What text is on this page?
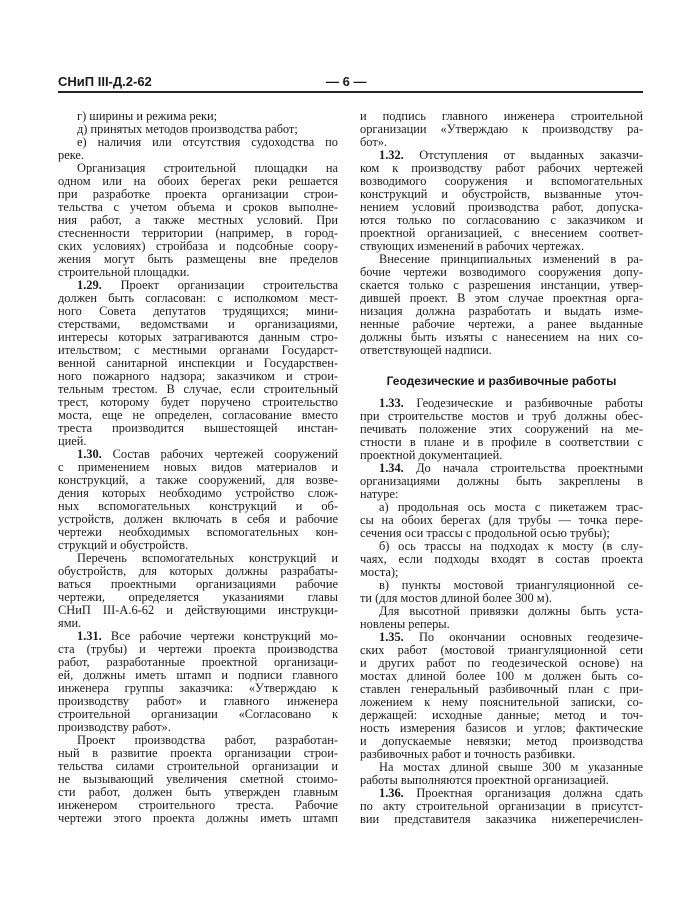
СНиП III-Д.2-62	— 6 —
г) ширины и режима реки;
д) принятых методов производства работ;
е) наличия или отсутствия судоходства по
реке.
Организация строительной площадки на
одном или на обоих берегах реки решается
при разработке проекта организации строи-
тельства с учетом объема и сроков выполне-
ния работ, а также местных условий. При
стесненности территории (например, в город-
ских условиях) стройбаза и подсобные соору-
жения могут быть размещены вне пределов
строительной площадки.
1.29. Проект организации строительства
должен быть согласован: с исполкомом мест-
ного Совета депутатов трудящихся; мини-
стерствами, ведомствами и организациями,
интересы которых затрагиваются данным стро-
ительством; с местными органами Государст-
венной санитарной инспекции и Государствен-
ного пожарного надзора; заказчиком и строи-
тельным трестом. В случае, если строительный
трест, которому будет поручено строительство
моста, еще не определен, согласование вместо
треста производится вышестоящей инстан-
цией.
1.30. Состав рабочих чертежей сооружений
с применением новых видов материалов и
конструкций, а также сооружений, для возве-
дения которых необходимо устройство слож-
ных вспомогательных конструкций и об-
устройств, должен включать в себя и рабочие
чертежи необходимых вспомогательных кон-
струкций и обустройств.
Перечень вспомогательных конструкций и
обустройств, для которых должны разрабаты-
ваться проектными организациями рабочие
чертежи, определяется указаниями главы
СНиП III-А.6-62 и действующими инструкци-
ями.
1.31. Все рабочие чертежи конструкций мо-
ста (трубы) и чертежи проекта производства
работ, разработанные проектной организаци-
ей, должны иметь штамп и подписи главного
инженера группы заказчика: «Утверждаю к
производству работ» и главного инженера
строительной организации «Согласовано к
производству работ».
Проект производства работ, разработан-
ный в развитие проекта организации строи-
тельства силами строительной организации и
не вызывающий увеличения сметной стоимо-
сти работ, должен быть утвержден главным
инженером строительного треста. Рабочие
чертежи этого проекта должны иметь штамп
и подпись главного инженера строительной
организации «Утверждаю к производству ра-
бот».
1.32. Отступления от выданных заказчи-
ком к производству работ рабочих чертежей
возводимого сооружения и вспомогательных
конструкций и обустройств, вызванные уточ-
нением условий производства работ, допуска-
ются только по согласованию с заказчиком и
проектной организацией, с внесением соответ-
ствующих изменений в рабочих чертежах.
Внесение принципиальных изменений в ра-
бочие чертежи возводимого сооружения допу-
скается только с разрешения инстанции, утвер-
дившей проект. В этом случае проектная орга-
низация должна разработать и выдать изме-
ненные рабочие чертежи, а ранее выданные
должны быть изъяты с нанесением на них со-
ответствующей надписи.
Геодезические и разбивочные работы
1.33. Геодезические и разбивочные работы
при строительстве мостов и труб должны обес-
печивать положение этих сооружений на ме-
стности в плане и в профиле в соответствии с
проектной документацией.
1.34. До начала строительства проектными
организациями должны быть закреплены в
натуре:
а) продольная ось моста с пикетажем трас-
сы на обоих берегах (для трубы — точка пере-
сечения оси трассы с продольной осью трубы);
б) ось трассы на подходах к мосту (в слу-
чаях, если подходы входят в состав проекта
моста);
в) пункты мостовой триангуляционной се-
ти (для мостов длиной более 300 м).
Для высотной привязки должны быть уста-
новлены реперы.
1.35. По окончании основных геодезиче-
ских работ (мостовой триангуляционной сети
и других работ по геодезической основе) на
мостах длиной более 100 м должен быть со-
ставлен генеральный разбивочный план с при-
ложением к нему пояснительной записки, со-
держащей: исходные данные; метод и точ-
ность измерения базисов и углов; фактические
и допускаемые невязки; метод производства
разбивочных работ и точность разбивки.
На мостах длиной свыше 300 м указанные
работы выполняются проектной организацией.
1.36. Проектная организация должна сдать
по акту строительной организации в присутст-
вии представителя заказчика нижеперечислен-
